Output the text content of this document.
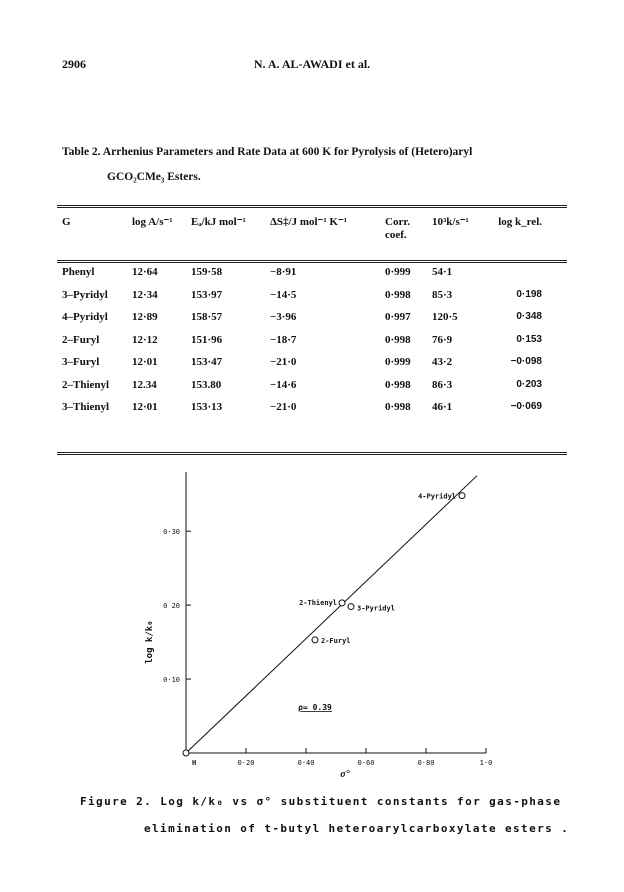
2906	N. A. AL-AWADI et al.
Table 2. Arrhenius Parameters and Rate Data at 600 K for Pyrolysis of (Hetero)aryl
GCO₂CMe₃ Esters.
G	log A/s⁻¹	Eₐ/kJ mol⁻¹	ΔS‡/J mol⁻¹ K⁻¹	Corr. coef.	10³k/s⁻¹	log k_rel.
Phenyl	12·64	159·58	−8·91	0·999	54·1	
3–Pyridyl	12·34	153·97	−14·5	0·998	85·3	0·198
4–Pyridyl	12·89	158·57	−3·96	0·997	120·5	0·348
2–Furyl	12·12	151·96	−18·7	0·998	76·9	0·153
3–Furyl	12·01	153·47	−21·0	0·999	43·2	−0·098
2–Thienyl	12.34	153.80	−14·6	0·998	86·3	0·203
3–Thienyl	12·01	153·13	−21·0	0·998	46·1	−0·069
0·20	0·40	0·60	0·80	1·0
0·10
0 20
0·30
H
2-Furyl
2-Thienyl
3-Pyridyl
4-Pyridyl
log k/k₀
σ°
ρ= 0.39
Figure 2. Log k/k₀ vs σ° substituent constants for gas-phase
elimination of t-butyl heteroarylcarboxylate esters .
